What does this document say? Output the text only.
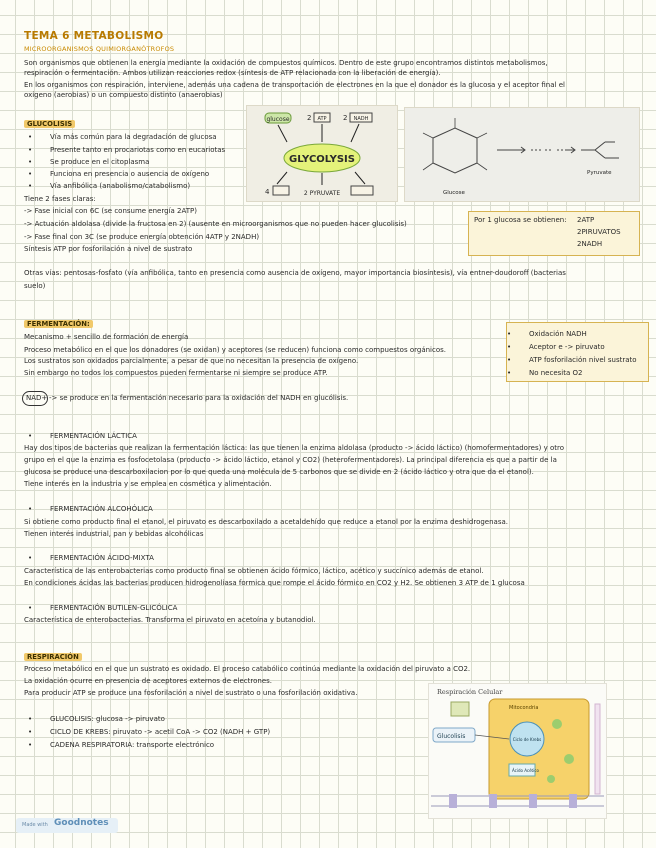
TEMA 6 METABOLISMO
MICROORGANISMOS QUIMIORGANÓTROFOS
Son organismos que obtienen la energía mediante la oxidación de compuestos químicos. Dentro de este grupo encontramos distintos metabolismos,
respiración o fermentación. Ambos utilizan reacciones redox (síntesis de ATP relacionada con la liberación de energía).
En los organismos con respiración, interviene, además una cadena de transportación de electrones en la que el donador es la glucosa y el aceptor final el
oxígeno (aerobias) o un compuesto distinto (anaerobias)
GLUCOLISIS
• Vía más común para la degradación de glucosa
• Presente tanto en procariotas como en eucariotas
• Se produce en el citoplasma
• Funciona en presencia o ausencia de oxígeno
• Vía anfibólica (anabolismo/catabolismo)
Tiene 2 fases claras:
-> Fase inicial con 6C (se consume energía 2ATP)
-> Actuación aldolasa (divide la fructosa en 2) (ausente en microorganismos que no pueden hacer glucolisis)
-> Fase final con 3C (se produce energía obtención 4ATP y 2NADH)
Síntesis ATP por fosforilación a nivel de sustrato
GLYCOLYSIS
glucose 2 ATP 2 NADH
4	2 PYRUVATE	Glucose
Pyruvate
Por 1 glucosa se obtienen: 2ATP
2PIRUVATOS
2NADH
Otras vías: pentosas-fosfato (vía anfibólica, tanto en presencia como ausencia de oxígeno, mayor importancia biosíntesis), vía entner-doudoroff (bacterias
suelo)
FERMENTACIÓN:
Mecanismo + sencillo de formación de energía
Proceso metabólico en el que los donadores (se oxidan) y aceptores (se reducen) funciona como compuestos orgánicos.
Los sustratos son oxidados parcialmente, a pesar de que no necesitan la presencia de oxígeno.
Sin embargo no todos los compuestos pueden fermentarse ni siempre se produce ATP.
• Oxidación NADH
• Aceptor e -> piruvato
• ATP fosforilación nivel sustrato
• No necesita O2
NAD+ -> se produce en la fermentación necesario para la oxidación del NADH en glucólisis.
• FERMENTACIÓN LÁCTICA
Hay dos tipos de bacterias que realizan la fermentación láctica: las que tienen la enzima aldolasa (producto -> ácido láctico) (homofermentadores) y otro
grupo en el que la enzima es fosfocetolasa (producto -> ácido láctico, etanol y CO2) (heterofermentadores). La principal diferencia es que a partir de la
glucosa se produce una descarboxilacion por lo que queda una molécula de 5 carbonos que se divide en 2 (ácido láctico y otra que da el etanol).
Tiene interés en la industria y se emplea en cosmética y alimentación.
• FERMENTACIÓN ALCOHÓLICA
Si obtiene como producto final el etanol, el piruvato es descarboxilado a acetaldehído que reduce a etanol por la enzima deshidrogenasa.
Tienen interés industrial, pan y bebidas alcohólicas
• FERMENTACIÓN ÁCIDO-MIXTA
Característica de las enterobacterias como producto final se obtienen ácido fórmico, láctico, acético y succínico además de etanol.
En condiciones ácidas las bacterias producen hidrogenoliasa formica que rompe el ácido fórmico en CO2 y H2. Se obtienen 3 ATP de 1 glucosa
• FERMENTACIÓN BUTILEN-GLICÓLICA
Característica de enterobacterias. Transforma el piruvato en acetoína y butanodiol.
RESPIRACIÓN
Proceso metabólico en el que un sustrato es oxidado. El proceso catabólico continúa mediante la oxidación del piruvato a CO2.
La oxidación ocurre en presencia de aceptores externos de electrones.
Para producir ATP se produce una fosforilación a nivel de sustrato o una fosforilación oxidativa.
• GLUCOLISIS: glucosa -> piruvato
• CICLO DE KREBS: piruvato -> acetil CoA -> CO2 (NADH + GTP)
• CADENA RESPIRATORIA: transporte electrónico
Respiración Celular
Mitocondria
Glucolisis	Ciclo de Krebs
Ácido Acético
Made with Goodnotes
